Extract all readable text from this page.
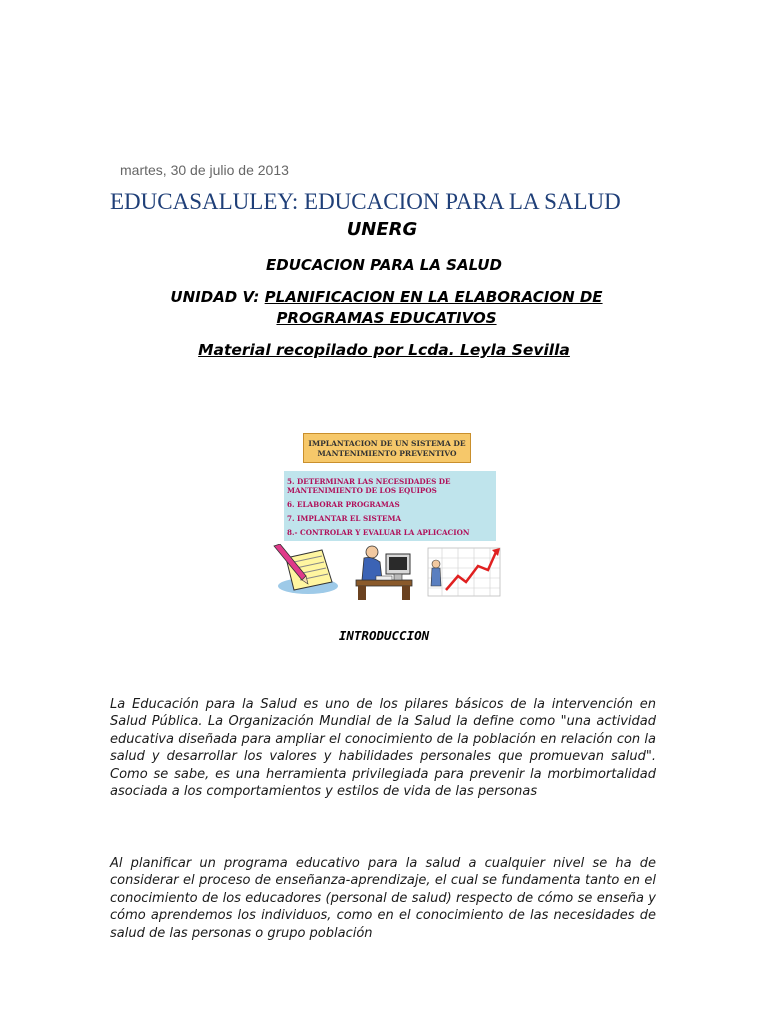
martes, 30 de julio de 2013
EDUCASALULEY: EDUCACION PARA LA SALUD
UNERG
EDUCACION PARA LA SALUD
UNIDAD V: PLANIFICACION EN LA ELABORACION DE
PROGRAMAS EDUCATIVOS
Material recopilado por Lcda. Leyla Sevilla
IMPLANTACION DE UN SISTEMA DE
MANTENIMIENTO PREVENTIVO
5. DETERMINAR LAS NECESIDADES DE
MANTENIMIENTO DE LOS EQUIPOS
6. ELABORAR PROGRAMAS
7. IMPLANTAR EL SISTEMA
8.- CONTROLAR Y EVALUAR LA APLICACION
INTRODUCCION

La Educación para la Salud es uno de los pilares básicos de la intervención en Salud Pública. La Organización Mundial de la Salud la define como "una actividad educativa diseñada para ampliar el conocimiento de la población en relación con la salud y desarrollar los valores y habilidades personales que promuevan salud". Como se sabe, es una herramienta privilegiada para prevenir la morbimortalidad asociada a los comportamientos y estilos de vida de las personas

Al planificar un programa educativo para la salud a cualquier nivel se ha de considerar el proceso de enseñanza-aprendizaje, el cual se fundamenta tanto en el conocimiento de los educadores (personal de salud) respecto de cómo se enseña y cómo aprendemos los individuos, como en el conocimiento de las necesidades de salud de las personas o grupo población
